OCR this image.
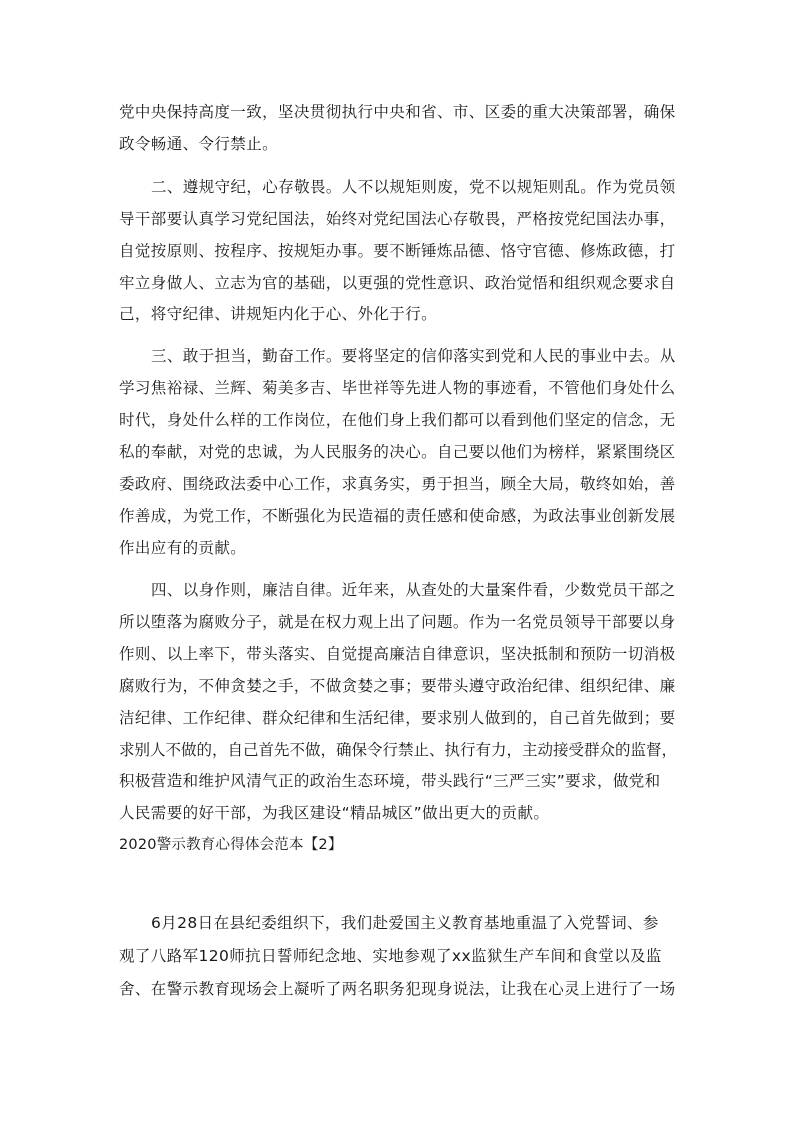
党中央保持高度一致，坚决贯彻执行中央和省、市、区委的重大决策部署，确保
政令畅通、令行禁止。
二、遵规守纪，心存敬畏。人不以规矩则废，党不以规矩则乱。作为党员领
导干部要认真学习党纪国法，始终对党纪国法心存敬畏，严格按党纪国法办事，
自觉按原则、按程序、按规矩办事。要不断锤炼品德、恪守官德、修炼政德，打
牢立身做人、立志为官的基础，以更强的党性意识、政治觉悟和组织观念要求自
己，将守纪律、讲规矩内化于心、外化于行。
三、敢于担当，勤奋工作。要将坚定的信仰落实到党和人民的事业中去。从
学习焦裕禄、兰辉、菊美多吉、毕世祥等先进人物的事迹看，不管他们身处什么
时代，身处什么样的工作岗位，在他们身上我们都可以看到他们坚定的信念，无
私的奉献，对党的忠诚，为人民服务的决心。自己要以他们为榜样，紧紧围绕区
委政府、围绕政法委中心工作，求真务实，勇于担当，顾全大局，敬终如始，善
作善成，为党工作，不断强化为民造福的责任感和使命感，为政法事业创新发展
作出应有的贡献。
四、以身作则，廉洁自律。近年来，从查处的大量案件看，少数党员干部之
所以堕落为腐败分子，就是在权力观上出了问题。作为一名党员领导干部要以身
作则、以上率下，带头落实、自觉提高廉洁自律意识，坚决抵制和预防一切消极
腐败行为，不伸贪婪之手，不做贪婪之事；要带头遵守政治纪律、组织纪律、廉
洁纪律、工作纪律、群众纪律和生活纪律，要求别人做到的，自己首先做到；要
求别人不做的，自己首先不做，确保令行禁止、执行有力，主动接受群众的监督，
积极营造和维护风清气正的政治生态环境，带头践行“三严三实”要求，做党和
人民需要的好干部，为我区建设“精品城区”做出更大的贡献。
2020警示教育心得体会范本【2】
6月28日在县纪委组织下，我们赴爱国主义教育基地重温了入党誓词、参
观了八路军120师抗日誓师纪念地、实地参观了xx监狱生产车间和食堂以及监
舍、在警示教育现场会上凝听了两名职务犯现身说法，让我在心灵上进行了一场
